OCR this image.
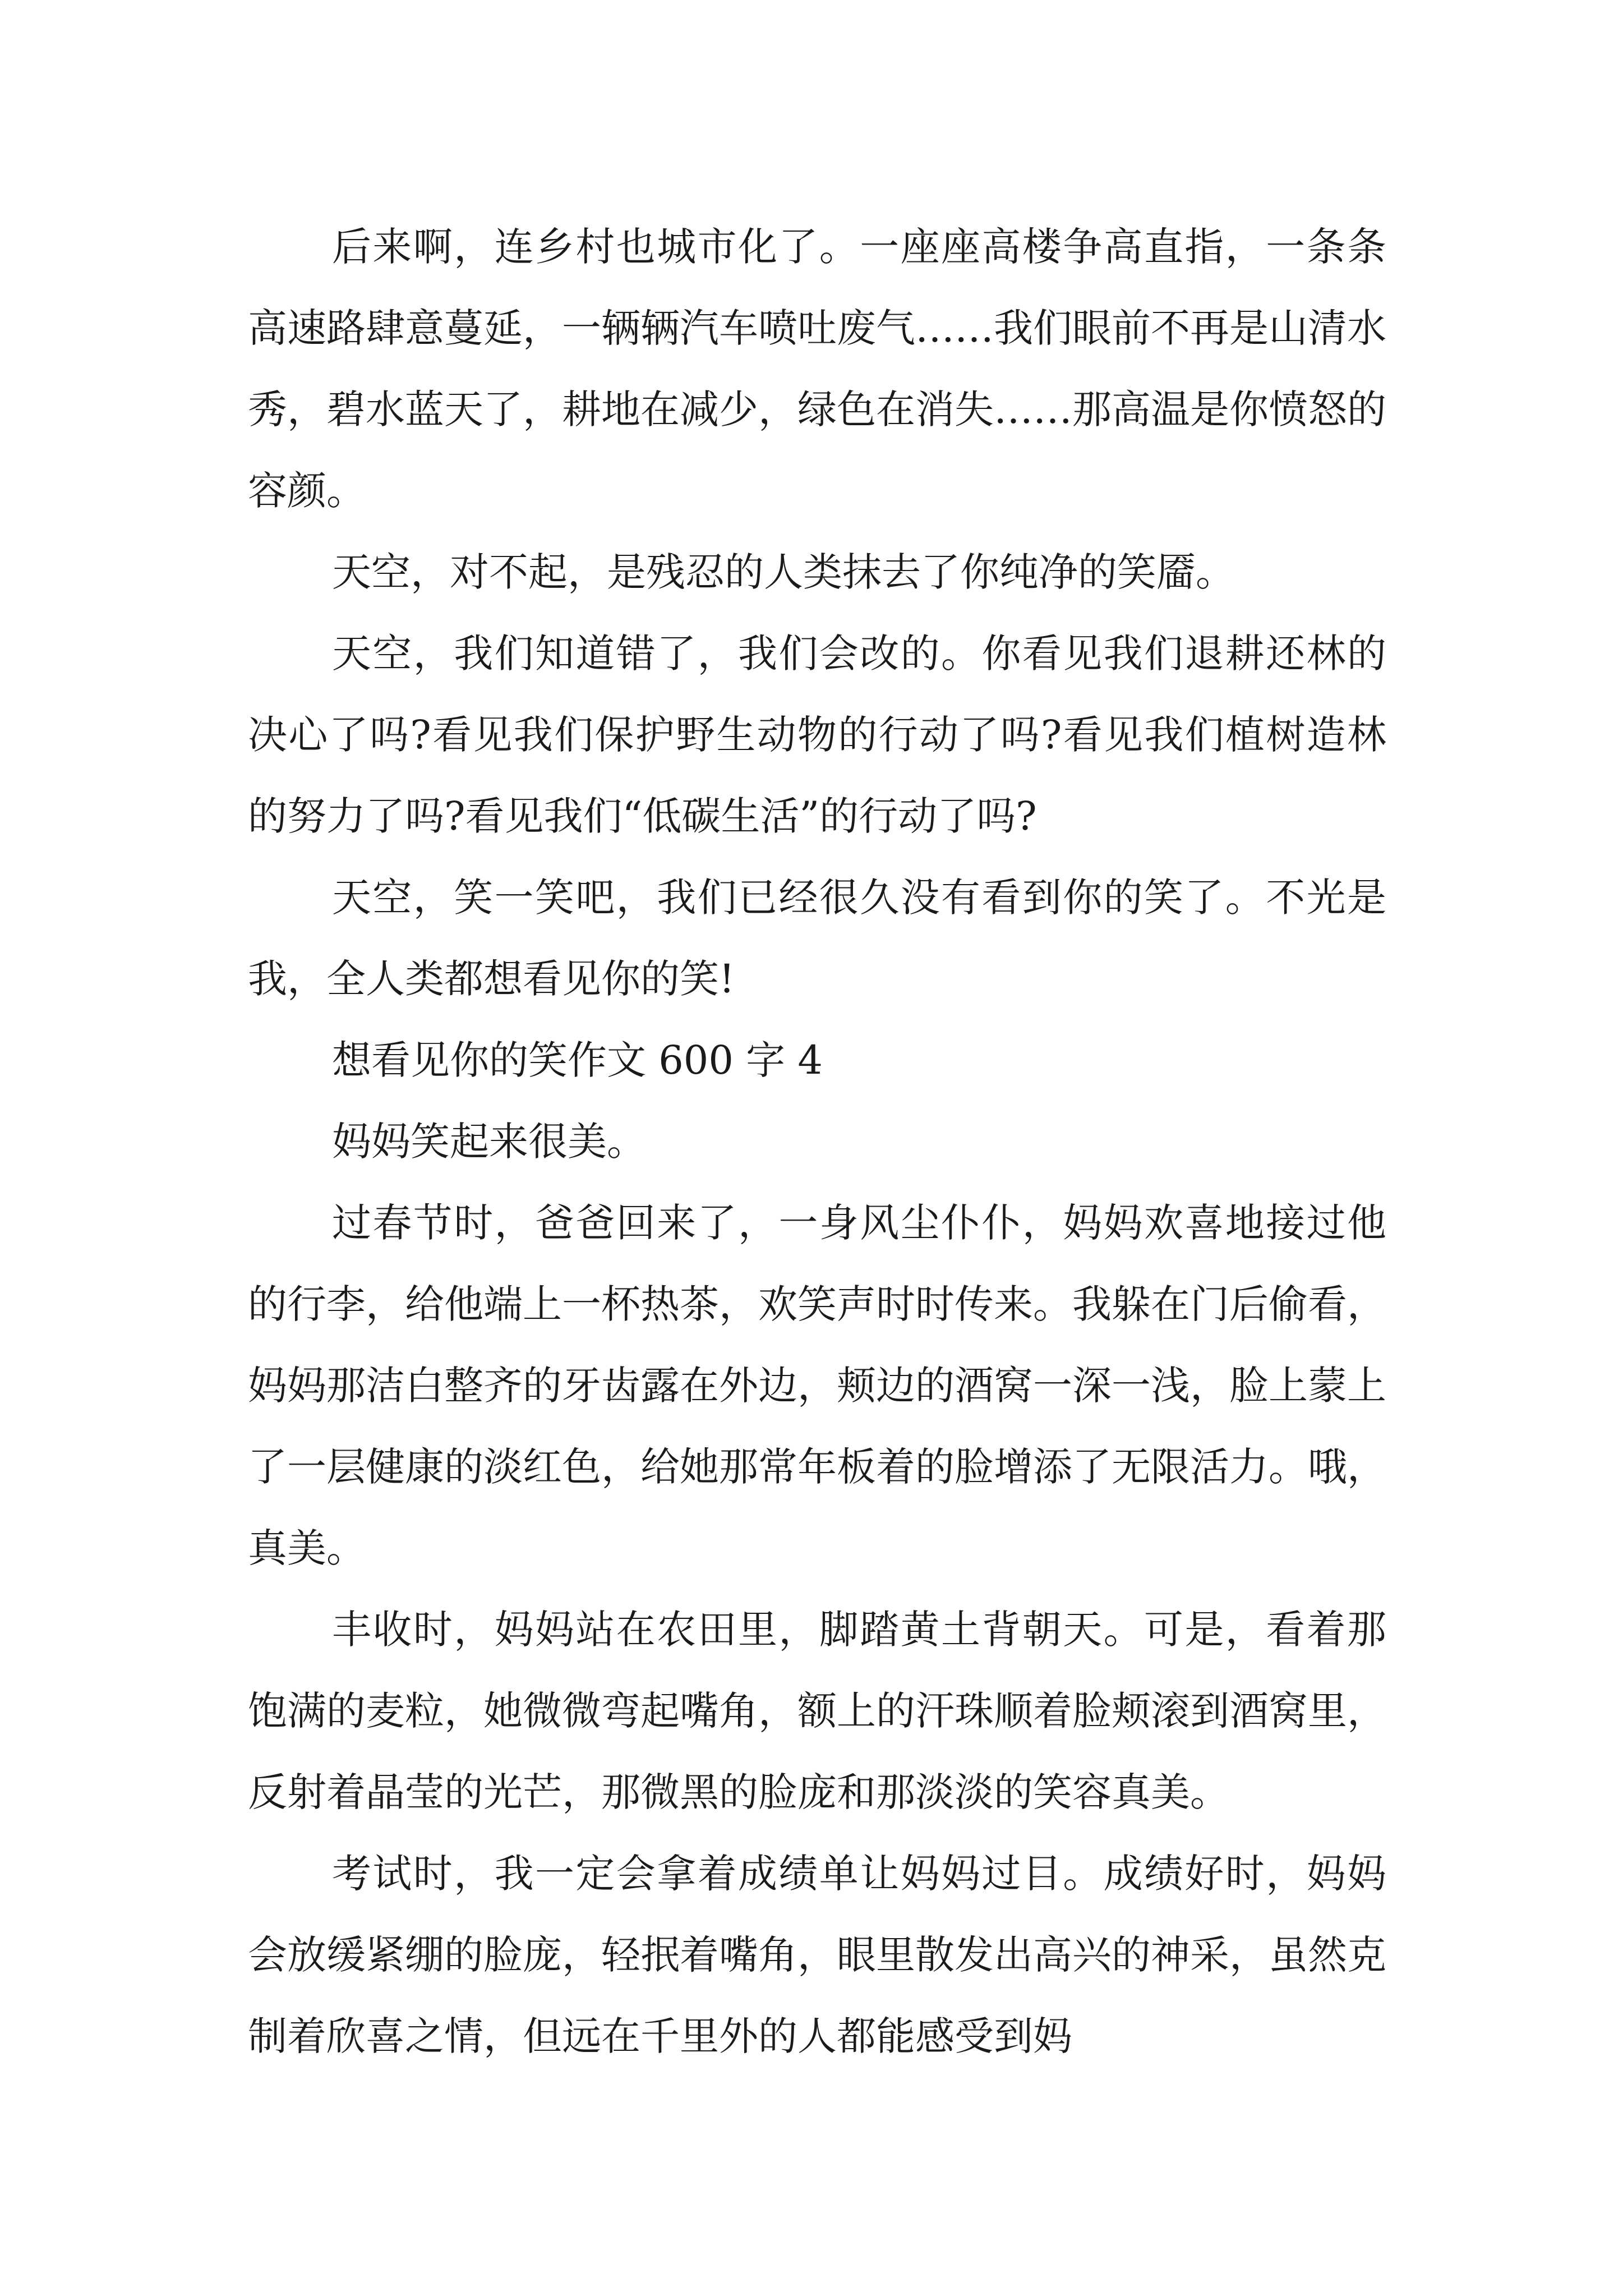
后来啊，连乡村也城市化了。一座座高楼争高直指，一条条高速路肆意蔓延，一辆辆汽车喷吐废气……我们眼前不再是山清水秀，碧水蓝天了，耕地在减少，绿色在消失……那高温是你愤怒的容颜。

天空，对不起，是残忍的人类抹去了你纯净的笑靥。

天空，我们知道错了，我们会改的。你看见我们退耕还林的决心了吗?看见我们保护野生动物的行动了吗?看见我们植树造林的努力了吗?看见我们“低碳生活”的行动了吗?

天空，笑一笑吧，我们已经很久没有看到你的笑了。不光是我，全人类都想看见你的笑!

想看见你的笑作文 600 字 4

妈妈笑起来很美。

过春节时，爸爸回来了，一身风尘仆仆，妈妈欢喜地接过他的行李，给他端上一杯热茶，欢笑声时时传来。我躲在门后偷看，妈妈那洁白整齐的牙齿露在外边，颊边的酒窝一深一浅，脸上蒙上了一层健康的淡红色，给她那常年板着的脸增添了无限活力。哦，真美。

丰收时，妈妈站在农田里，脚踏黄土背朝天。可是，看着那饱满的麦粒，她微微弯起嘴角，额上的汗珠顺着脸颊滚到酒窝里，反射着晶莹的光芒，那微黑的脸庞和那淡淡的笑容真美。

考试时，我一定会拿着成绩单让妈妈过目。成绩好时，妈妈会放缓紧绷的脸庞，轻抿着嘴角，眼里散发出高兴的神采，虽然克制着欣喜之情，但远在千里外的人都能感受到妈
